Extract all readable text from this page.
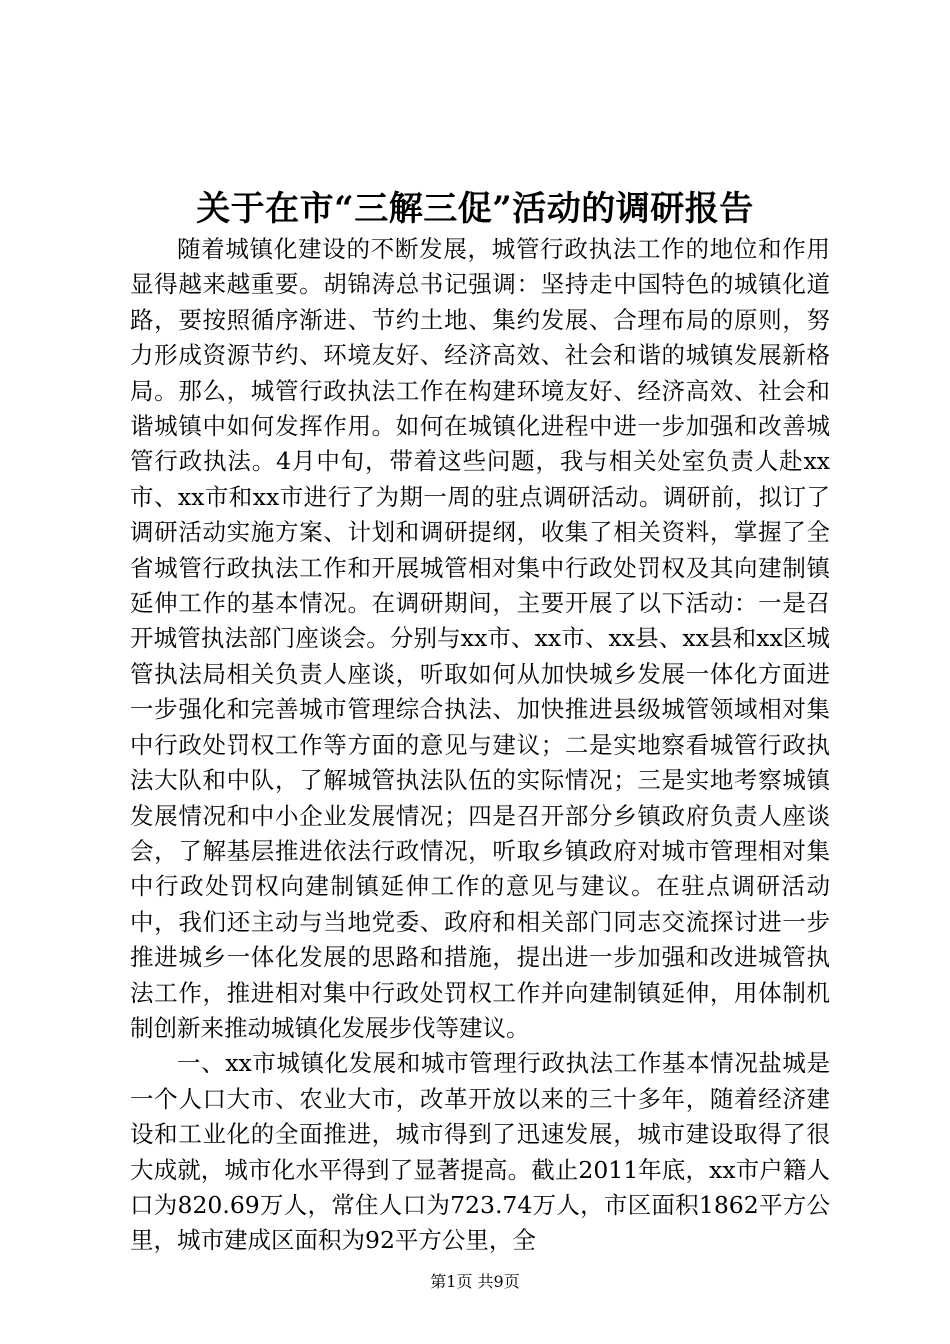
关于在市“三解三促”活动的调研报告

随着城镇化建设的不断发展，城管行政执法工作的地位和作用显得越来越重要。胡锦涛总书记强调：坚持走中国特色的城镇化道路，要按照循序渐进、节约土地、集约发展、合理布局的原则，努力形成资源节约、环境友好、经济高效、社会和谐的城镇发展新格局。那么，城管行政执法工作在构建环境友好、经济高效、社会和谐城镇中如何发挥作用。如何在城镇化进程中进一步加强和改善城管行政执法。4月中旬，带着这些问题，我与相关处室负责人赴xx市、xx市和xx市进行了为期一周的驻点调研活动。调研前，拟订了调研活动实施方案、计划和调研提纲，收集了相关资料，掌握了全省城管行政执法工作和开展城管相对集中行政处罚权及其向建制镇延伸工作的基本情况。在调研期间，主要开展了以下活动：一是召开城管执法部门座谈会。分别与xx市、xx市、xx县、xx县和xx区城管执法局相关负责人座谈，听取如何从加快城乡发展一体化方面进一步强化和完善城市管理综合执法、加快推进县级城管领域相对集中行政处罚权工作等方面的意见与建议；二是实地察看城管行政执法大队和中队，了解城管执法队伍的实际情况；三是实地考察城镇发展情况和中小企业发展情况；四是召开部分乡镇政府负责人座谈会，了解基层推进依法行政情况，听取乡镇政府对城市管理相对集中行政处罚权向建制镇延伸工作的意见与建议。在驻点调研活动中，我们还主动与当地党委、政府和相关部门同志交流探讨进一步推进城乡一体化发展的思路和措施，提出进一步加强和改进城管执法工作，推进相对集中行政处罚权工作并向建制镇延伸，用体制机制创新来推动城镇化发展步伐等建议。

一、xx市城镇化发展和城市管理行政执法工作基本情况盐城是一个人口大市、农业大市，改革开放以来的三十多年，随着经济建设和工业化的全面推进，城市得到了迅速发展，城市建设取得了很大成就，城市化水平得到了显著提高。截止2011年底，xx市户籍人口为820.69万人，常住人口为723.74万人，市区面积1862平方公里，城市建成区面积为92平方公里，全

第1页 共9页
